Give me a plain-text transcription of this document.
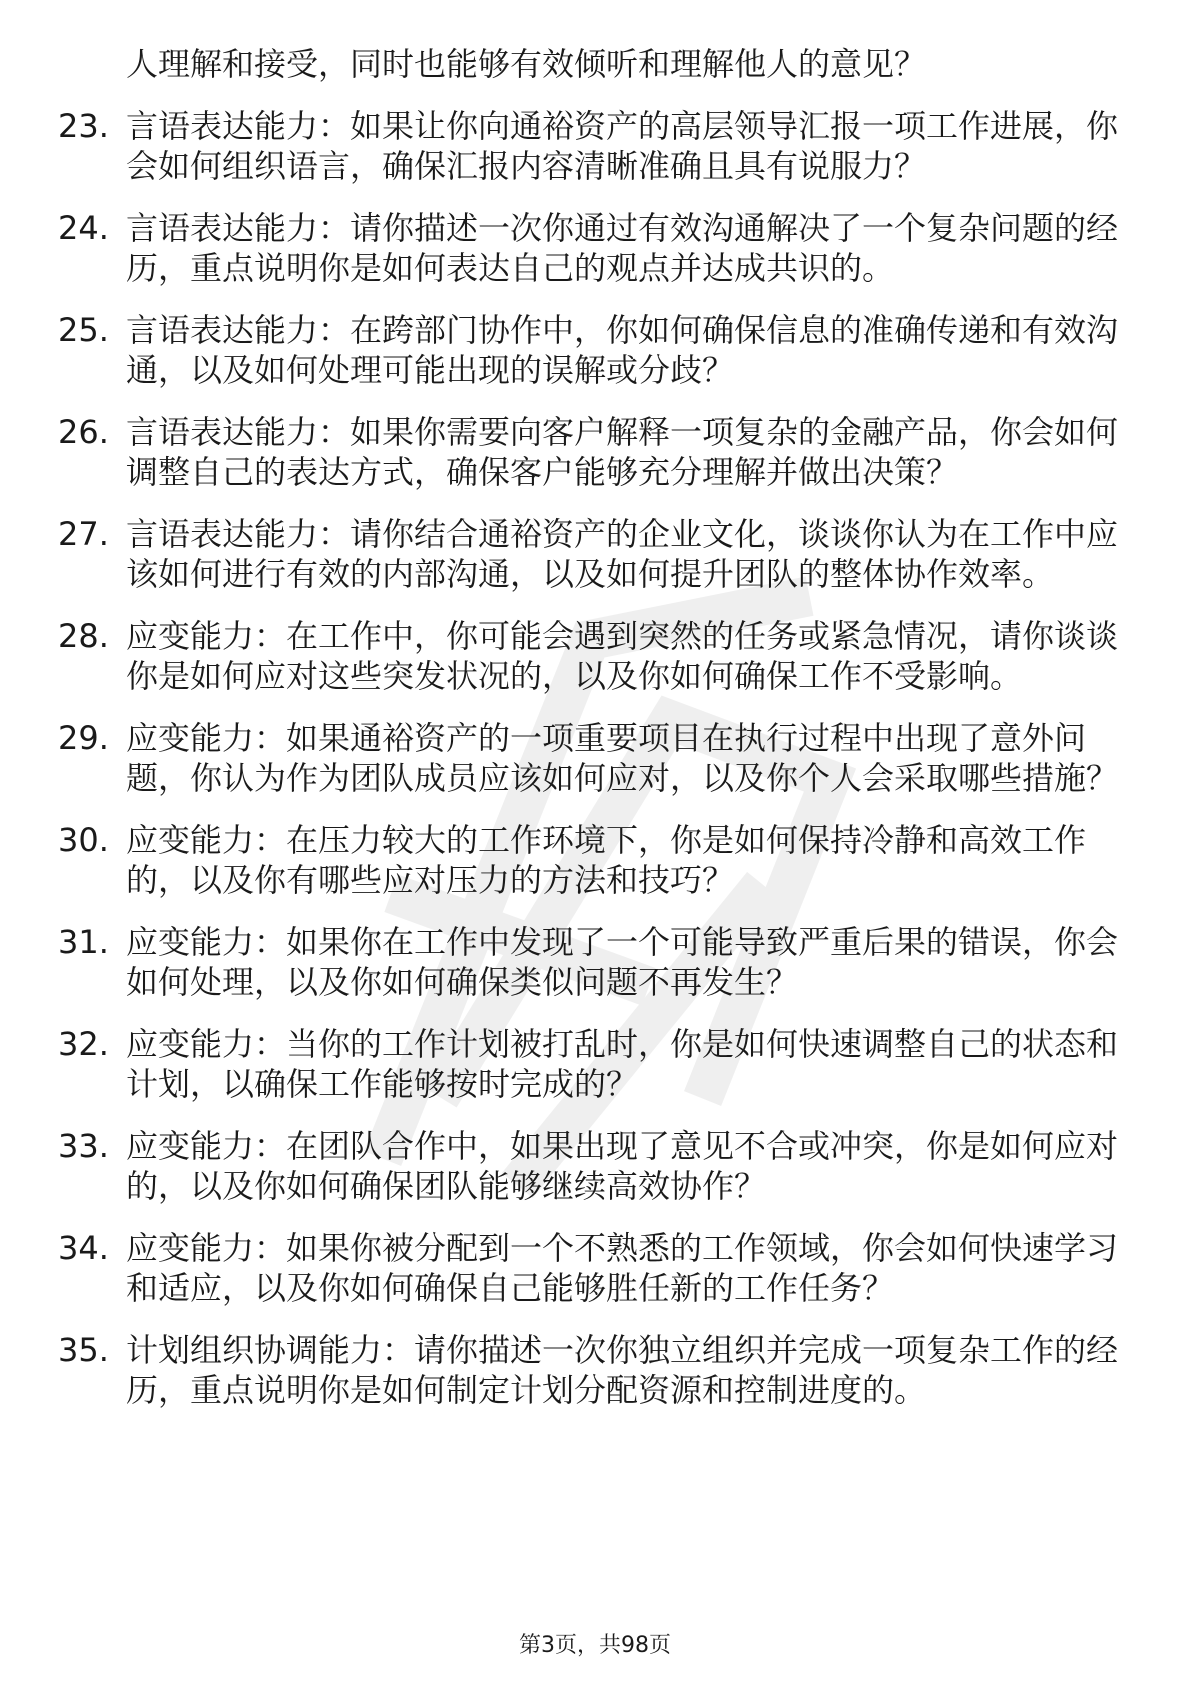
人理解和接受，同时也能够有效倾听和理解他人的意见？
23. 言语表达能力：如果让你向通裕资产的高层领导汇报一项工作进展，你会如何组织语言，确保汇报内容清晰准确且具有说服力？
24. 言语表达能力：请你描述一次你通过有效沟通解决了一个复杂问题的经历，重点说明你是如何表达自己的观点并达成共识的。
25. 言语表达能力：在跨部门协作中，你如何确保信息的准确传递和有效沟通，以及如何处理可能出现的误解或分歧？
26. 言语表达能力：如果你需要向客户解释一项复杂的金融产品，你会如何调整自己的表达方式，确保客户能够充分理解并做出决策？
27. 言语表达能力：请你结合通裕资产的企业文化，谈谈你认为在工作中应该如何进行有效的内部沟通，以及如何提升团队的整体协作效率。
28. 应变能力：在工作中，你可能会遇到突然的任务或紧急情况，请你谈谈你是如何应对这些突发状况的，以及你如何确保工作不受影响。
29. 应变能力：如果通裕资产的一项重要项目在执行过程中出现了意外问题，你认为作为团队成员应该如何应对，以及你个人会采取哪些措施？
30. 应变能力：在压力较大的工作环境下，你是如何保持冷静和高效工作的，以及你有哪些应对压力的方法和技巧？
31. 应变能力：如果你在工作中发现了一个可能导致严重后果的错误，你会如何处理，以及你如何确保类似问题不再发生？
32. 应变能力：当你的工作计划被打乱时，你是如何快速调整自己的状态和计划，以确保工作能够按时完成的？
33. 应变能力：在团队合作中，如果出现了意见不合或冲突，你是如何应对的，以及你如何确保团队能够继续高效协作？
34. 应变能力：如果你被分配到一个不熟悉的工作领域，你会如何快速学习和适应，以及你如何确保自己能够胜任新的工作任务？
35. 计划组织协调能力：请你描述一次你独立组织并完成一项复杂工作的经历，重点说明你是如何制定计划分配资源和控制进度的。
第3页，共98页
